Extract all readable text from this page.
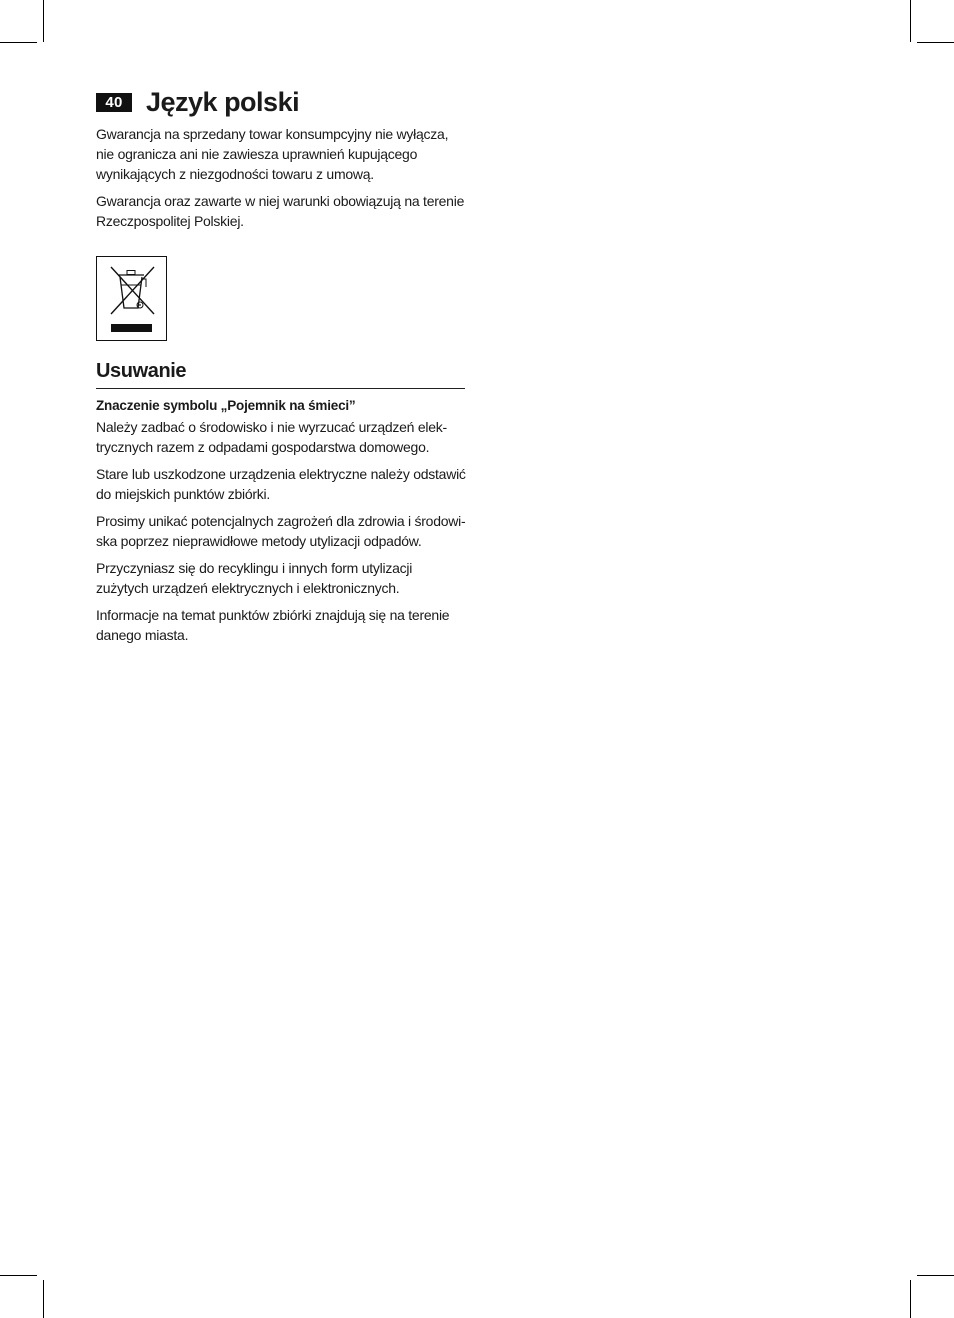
40 Język polski

Gwarancja na sprzedany towar konsumpcyjny nie wyłącza, nie ogranicza ani nie zawiesza uprawnień kupującego wynikających z niezgodności towaru z umową.

Gwarancja oraz zawarte w niej warunki obowiązują na terenie Rzeczpospolitej Polskiej.

Usuwanie

Znaczenie symbolu „Pojemnik na śmieci”

Należy zadbać o środowisko i nie wyrzucać urządzeń elektrycznych razem z odpadami gospodarstwa domowego.

Stare lub uszkodzone urządzenia elektryczne należy odstawić do miejskich punktów zbiórki.

Prosimy unikać potencjalnych zagrożeń dla zdrowia i środowiska poprzez nieprawidłowe metody utylizacji odpadów.

Przyczyniasz się do recyklingu i innych form utylizacji zużytych urządzeń elektrycznych i elektronicznych.

Informacje na temat punktów zbiórki znajdują się na terenie danego miasta.
